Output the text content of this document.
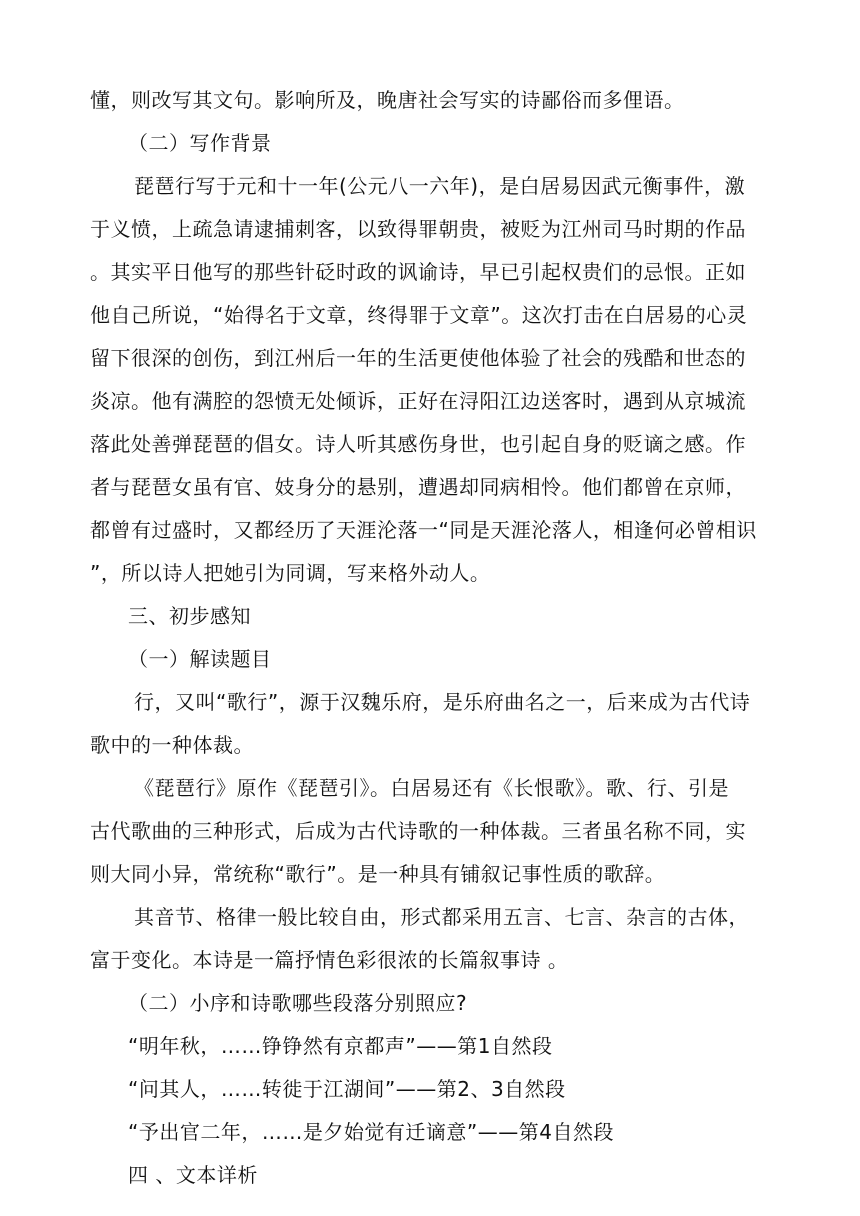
懂，则改写其文句。影响所及，晚唐社会写实的诗鄙俗而多俚语。
（二）写作背景
琵琶行写于元和十一年(公元八一六年)，是白居易因武元衡事件，激
于义愤，上疏急请逮捕刺客，以致得罪朝贵，被贬为江州司马时期的作品
。其实平日他写的那些针砭时政的讽谕诗，早已引起权贵们的忌恨。正如
他自己所说，“始得名于文章，终得罪于文章”。这次打击在白居易的心灵
留下很深的创伤，到江州后一年的生活更使他体验了社会的残酷和世态的
炎凉。他有满腔的怨愤无处倾诉，正好在浔阳江边送客时，遇到从京城流
落此处善弹琵琶的倡女。诗人听其感伤身世，也引起自身的贬谪之感。作
者与琵琶女虽有官、妓身分的悬别，遭遇却同病相怜。他们都曾在京师，
都曾有过盛时，又都经历了天涯沦落一“同是天涯沦落人，相逢何必曾相识
”，所以诗人把她引为同调，写来格外动人。
三、初步感知
（一）解读题目
行，又叫“歌行”，源于汉魏乐府，是乐府曲名之一，后来成为古代诗
歌中的一种体裁。
《琵琶行》原作《琵琶引》。白居易还有《长恨歌》。歌、行、引是
古代歌曲的三种形式，后成为古代诗歌的一种体裁。三者虽名称不同，实
则大同小异，常统称“歌行”。是一种具有铺叙记事性质的歌辞。
其音节、格律一般比较自由，形式都采用五言、七言、杂言的古体，
富于变化。本诗是一篇抒情色彩很浓的长篇叙事诗 。
（二）小序和诗歌哪些段落分别照应?
“明年秋，……铮铮然有京都声”——第1自然段
“问其人，……转徙于江湖间”——第2、3自然段
“予出官二年，……是夕始觉有迁谪意”——第4自然段
四 、文本详析
